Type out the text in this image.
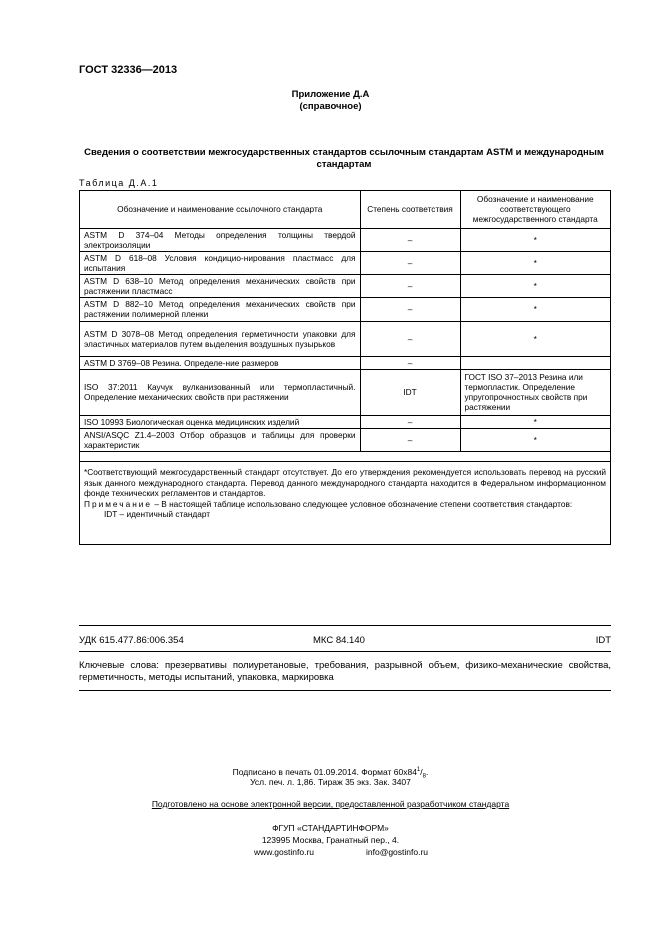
ГОСТ 32336—2013
Приложение Д.А
(справочное)
Сведения о соответствии межгосударственных стандартов ссылочным стандартам ASTM и международным стандартам
Таблица Д.А.1
Обозначение и наименование ссылочного стандарта	Степень соответствия	Обозначение и наименование соответствующего межгосударственного стандарта
ASTM D 374–04 Методы определения толщины твердой электроизоляции	–	*
ASTM D 618–08 Условия кондицио-нирования пластмасс для испытания	–	*
ASTM D 638–10 Метод определения механических свойств при растяжении пластмасс	–	*
ASTM D 882–10 Метод определения механических свойств при растяжении полимерной пленки	–	*
ASTM D 3078–08 Метод определения герметичности упаковки для эластичных материалов путем выделения воздушных пузырьков	–	*
ASTM D 3769–08 Резина. Определе-ние размеров	–	
ISO 37:2011 Каучук вулканизованный или термопластичный. Определение механических свойств при растяжении	IDT	ГОСТ ISO 37–2013 Резина или термопластик. Определение упругопрочностных свойств при растяжении
ISO 10993 Биологическая оценка медицинских изделий	–	*
ANSI/ASQC Z1.4–2003 Отбор образцов и таблицы для проверки характеристик	–	*

*Соответствующий межгосударственный стандарт отсутствует. До его утверждения рекомендуется использовать перевод на русский язык данного международного стандарта. Перевод данного международного стандарта находится в Федеральном информационном фонде технических регламентов и стандартов.

Примечание – В настоящей таблице использовано следующее условное обозначение степени соответствия стандартов:

IDT – идентичный стандарт

УДК 615.477.86:006.354	МКС 84.140	IDT
Ключевые слова: презервативы полиуретановые, требования, разрывной объем, физико-механические свойства, герметичность, методы испытаний, упаковка, маркировка
Подписано в печать 01.09.2014. Формат $60х84^1/_8$.
Усл. печ. л. 1,86. Тираж 35 экз. Зак. 3407
Подготовлено на основе электронной версии, предоставленной разработчиком стандарта
ФГУП «СТАНДАРТИНФОРМ»
123995 Москва, Гранатный пер., 4.
www.gostinfo.ru	info@gostinfo.ru
